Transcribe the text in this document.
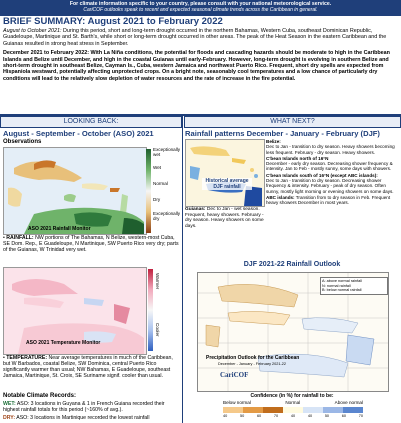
For climate information specific to your country, please consult with your national meteorological service.
CariCOF outlooks speak to recent and expected seasonal climate trends across the Caribbean in general.
BRIEF SUMMARY: August 2021 to February 2022

August to October 2021: During this period, short and long-term drought occurred in the northern Bahamas, Western Cuba, southeast Dominican Republic, Guadeloupe, Martinique and St. Barth's, while short or long-term drought occurred in other areas. The peak of the Heat Season in the eastern Caribbean and the Guianas resulted in strong heat stress in September.

December 2021 to February 2022: With La Niña conditions, the potential for floods and cascading hazards should be moderate to high in the Caribbean Islands and Belize until December, and high in the coastal Guianas until early-February. However, long-term drought is evolving in southern Belize and short-term drought in southeast Belize, Cayman Is., Cuba, western Jamaica and northwest Puerto Rico. Frequent, short dry spells are expected from Hispaniola westward, potentially affecting unprotected crops. On a bright note, seasonably cool temperatures and a low chance of particularly dry conditions will lead to the relatively slow depletion of water resources and the rate of increase in the fire potential.

LOOKING BACK:	WHAT NEXT?
August - September - October (ASO) 2021
Observations
ASO 2021 Rainfall Monitor
Exceptionally wet
Wet
Normal
Dry
Exceptionally dry
• RAINFALL: NW portions of The Bahamas, N Belize, western-most Cuba, SE Dom. Rep., E Guadeloupe, N Martinique, SW Puerto Rico very dry; parts of the Guianas, W Trinidad very wet.
ASO 2021 Temperature Monitor
Warmer
Cooler
• TEMPERATURE: Near average temperatures in much of the Caribbean, but W Barbados, coastal Belize, SW Dominica, central Puerto Rico significantly warmer than usual; NW Bahamas, E Guadeloupe, southeast Jamaica, Martinique, St. Croix, SE Suriname signif. cooler than usual.
Notable Climate Records:
WET: ASO: 3 locations in Guyana & 1 in French Guiana recorded their highest rainfall totals for this period (~160% of avg.).
DRY: ASO: 3 locations in Martinique recorded the lowest rainfall
Rainfall patterns December - January - February (DJF)
Historical average DJF rainfall
Guianas: Dec to Jan - wet season. Frequent, heavy showers. February - dry season. Heavy showers on some days.
Belize:
Dec to Jan - transition to dry season. Heavy showers becoming less frequent. February - dry season. Heavy showers.
C'bean Islands north of 16°N
December - early dry season. Decreasing shower frequency & intensity. Jan to Feb - mostly sunny, some days with showers.
C'bean Islands south of 16°N (except ABC islands):
Dec to Jan - transition to dry season. Decreasing shower frequency & intensity. February - peak of dry season. Often sunny, mostly light morning or evening showers on some days.
ABC islands: Transition from to dry season in Feb. Frequent heavy showers December in most years.
DJF 2021-22 Rainfall Outlook
A: above normal rainfall
N: normal rainfall
B: below normal rainfall
Precipitation Outlook for the Caribbean
December - January - February 2021-22
CariCOF
Confidence (in %) for rainfall to be:
Below normal	Normal	Above normal
40	50	60	70	40	40	50	60	70
